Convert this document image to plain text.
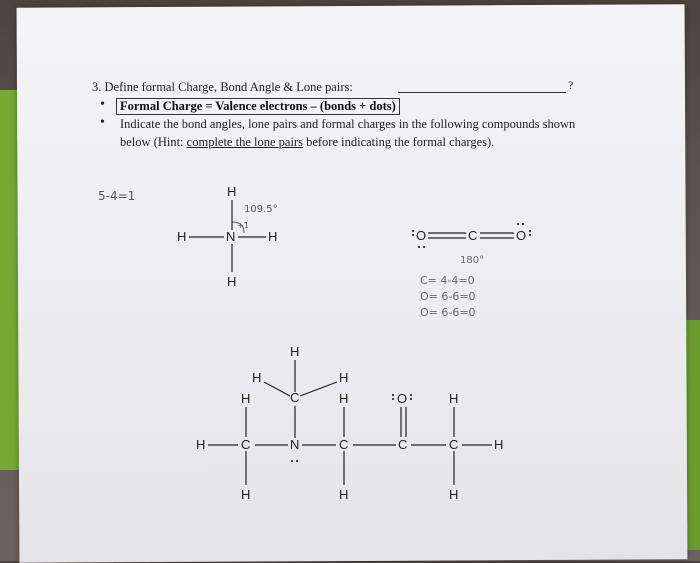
3. Define formal Charge, Bond Angle & Lone pairs:	?
•	Formal Charge = Valence electrons – (bonds + dots)
• Indicate the bond angles, lone pairs and formal charges in the following compounds shown below (Hint: complete the lone pairs before indicating the formal charges).
5-4=1	H
109.5°
+1
H	N	H
H
O	C	O
180°
C= 4-4=0
O= 6-6=0
O= 6-6=0
H
H	H
C
H	C
H
H
N	C
H
H
C
O
C
H
H
H
